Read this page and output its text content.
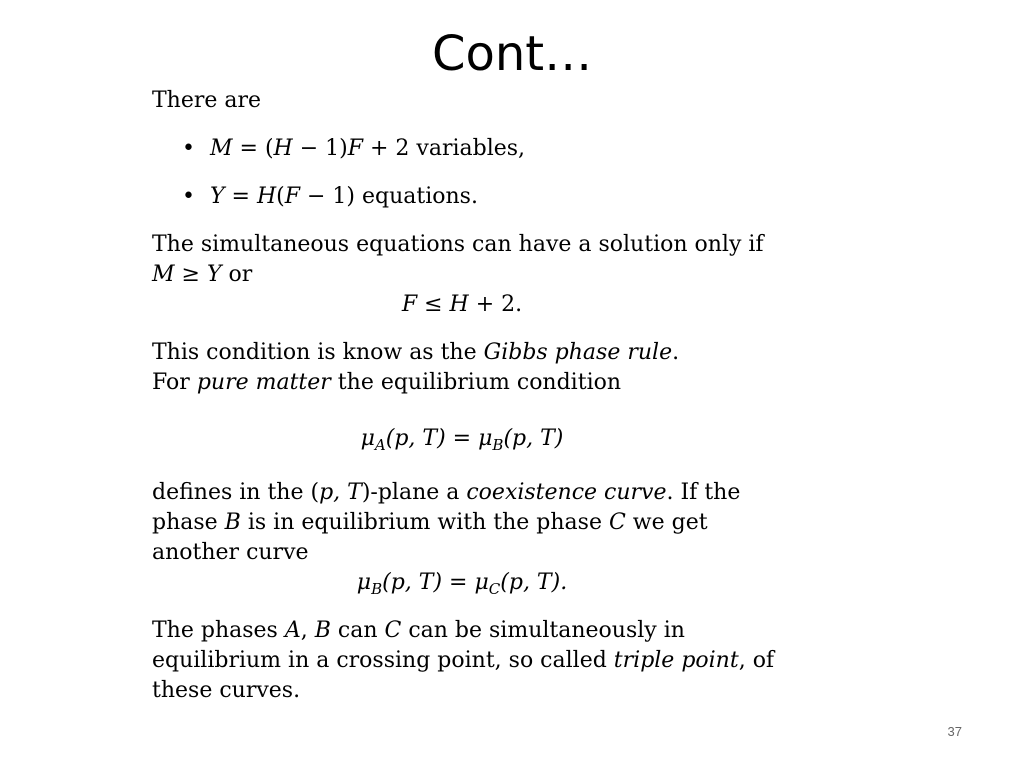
Cont…
There are
• M = (H − 1)F + 2 variables,
• Y = H(F − 1) equations.
The simultaneous equations can have a solution only if
M ≥ Y or
F ≤ H + 2.
This condition is know as the Gibbs phase rule.
For pure matter the equilibrium condition
$\mu_A(p$, $T) = \mu_B(p$, T)
defines in the (p, T)-plane a coexistence curve. If the
phase B is in equilibrium with the phase C we get
another curve
$\mu_B(p$, $T) = \mu_C(p$, T).
The phases A, B can C can be simultaneously in
equilibrium in a crossing point, so called triple point, of
these curves.
37
